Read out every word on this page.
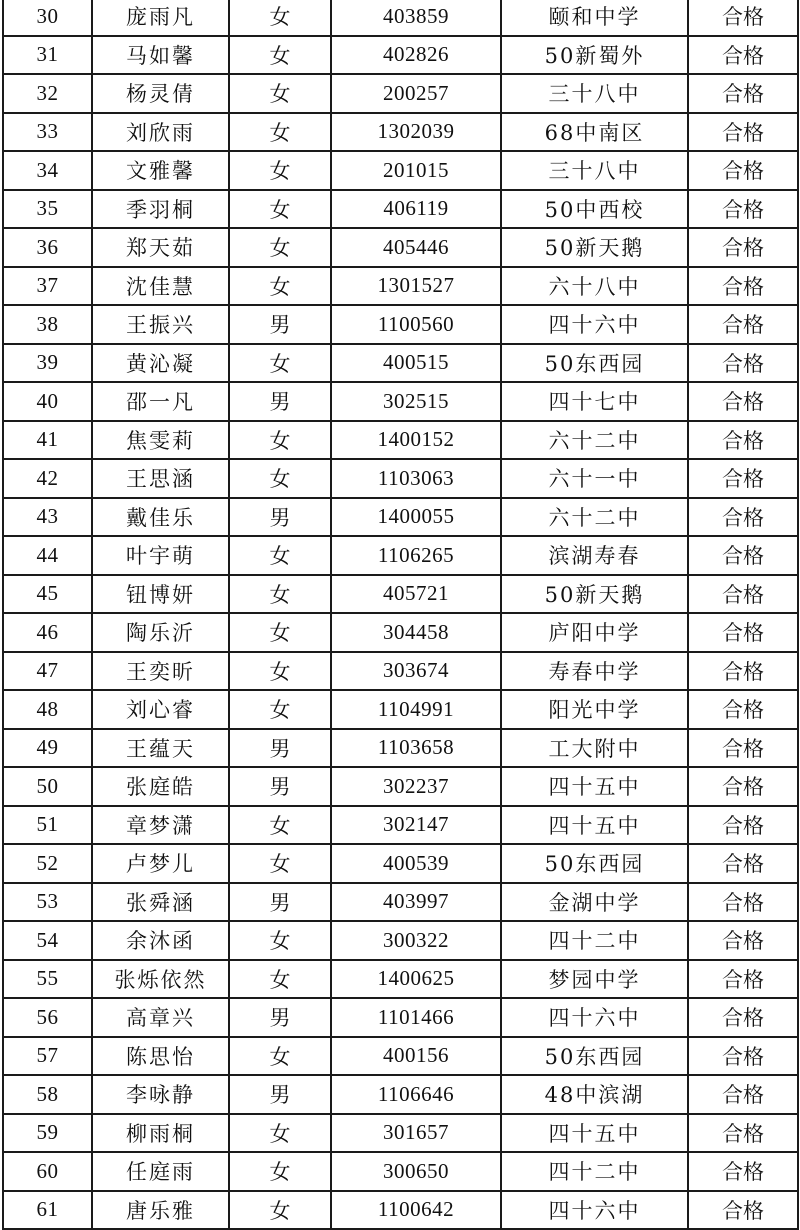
30	庞雨凡	女	403859	颐和中学	合格
31	马如馨	女	402826	50新蜀外	合格
32	杨灵倩	女	200257	三十八中	合格
33	刘欣雨	女	1302039	68中南区	合格
34	文雅馨	女	201015	三十八中	合格
35	季羽桐	女	406119	50中西校	合格
36	郑天茹	女	405446	50新天鹅	合格
37	沈佳慧	女	1301527	六十八中	合格
38	王振兴	男	1100560	四十六中	合格
39	黄沁凝	女	400515	50东西园	合格
40	邵一凡	男	302515	四十七中	合格
41	焦雯莉	女	1400152	六十二中	合格
42	王思涵	女	1103063	六十一中	合格
43	戴佳乐	男	1400055	六十二中	合格
44	叶宇萌	女	1106265	滨湖寿春	合格
45	钮博妍	女	405721	50新天鹅	合格
46	陶乐沂	女	304458	庐阳中学	合格
47	王奕昕	女	303674	寿春中学	合格
48	刘心睿	女	1104991	阳光中学	合格
49	王蕴天	男	1103658	工大附中	合格
50	张庭皓	男	302237	四十五中	合格
51	章梦潇	女	302147	四十五中	合格
52	卢梦儿	女	400539	50东西园	合格
53	张舜涵	男	403997	金湖中学	合格
54	余沐函	女	300322	四十二中	合格
55	张烁依然	女	1400625	梦园中学	合格
56	高章兴	男	1101466	四十六中	合格
57	陈思怡	女	400156	50东西园	合格
58	李咏静	男	1106646	48中滨湖	合格
59	柳雨桐	女	301657	四十五中	合格
60	任庭雨	女	300650	四十二中	合格
61	唐乐雅	女	1100642	四十六中	合格
